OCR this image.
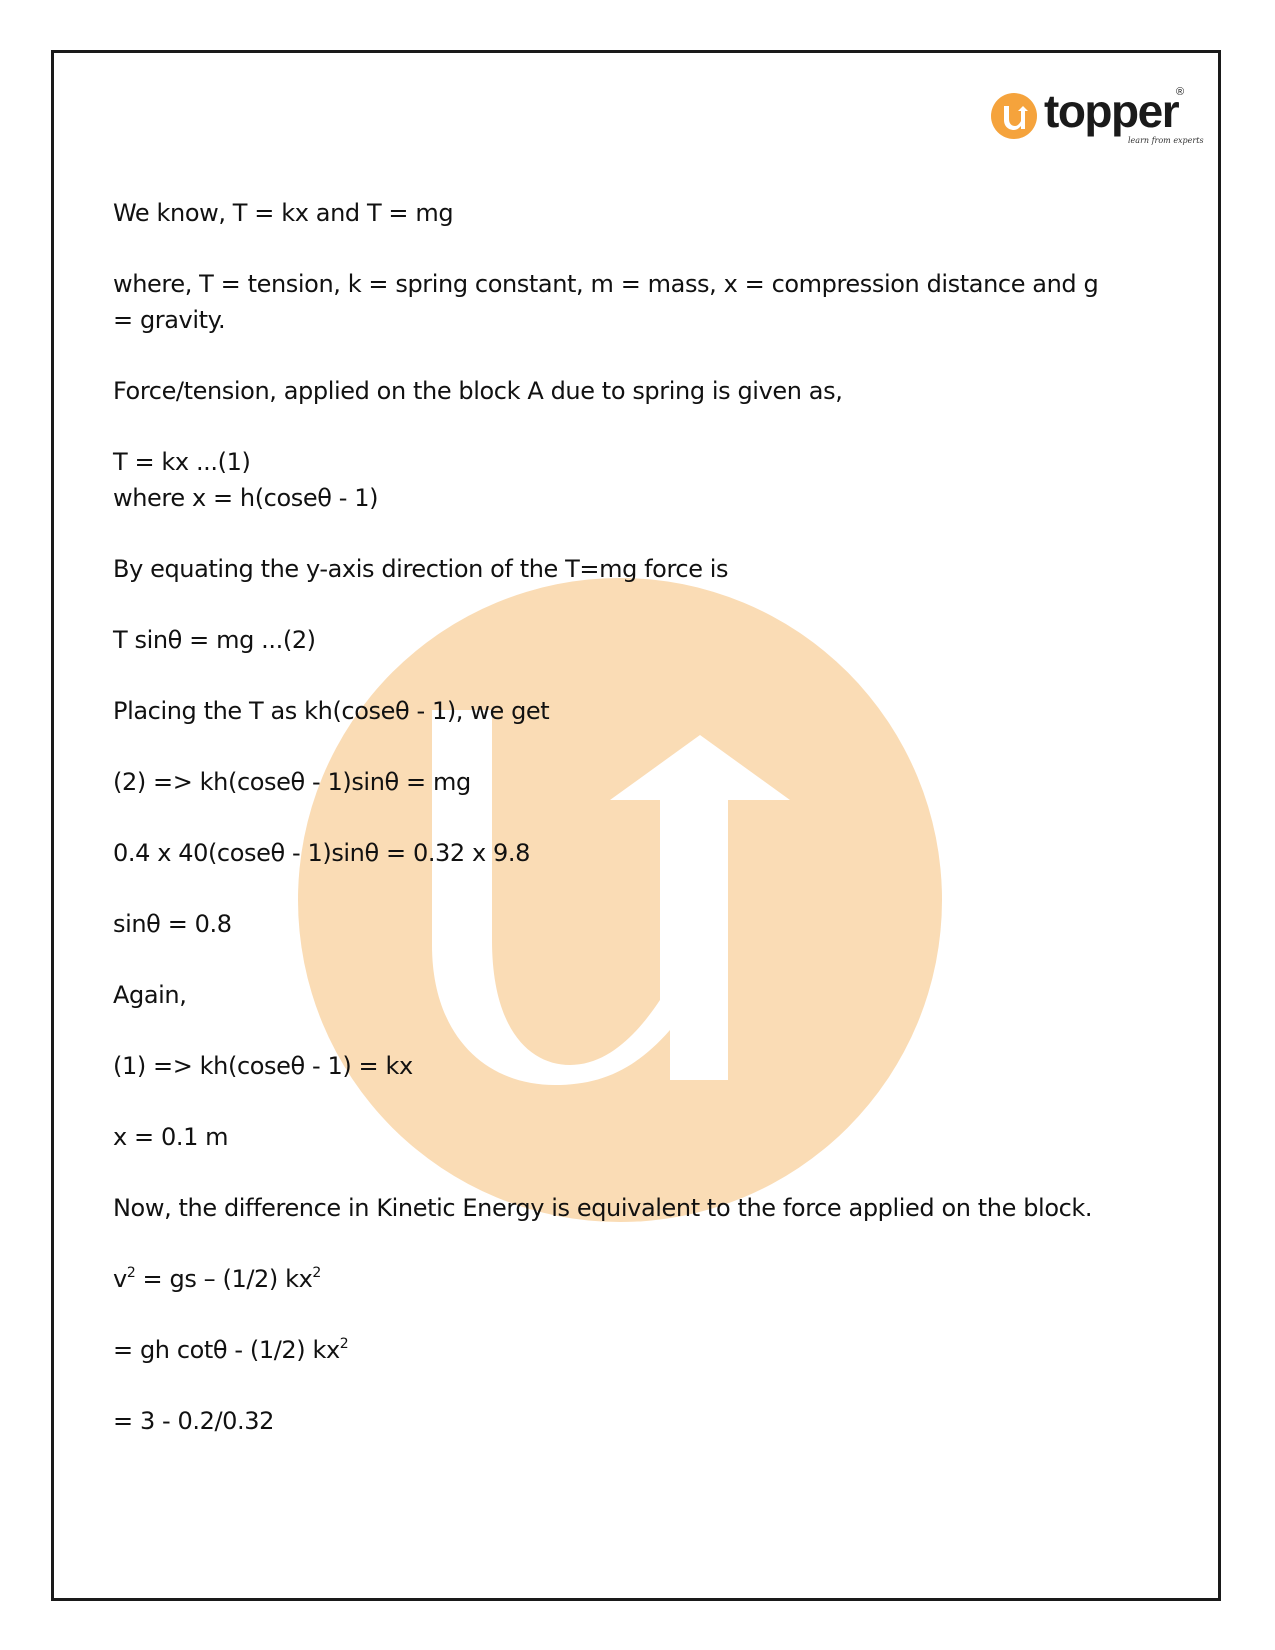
topper
®
learn from experts

We know, T = kx and T = mg

where, T = tension, k = spring constant, m = mass, x = compression distance and g = gravity.

Force/tension, applied on the block A due to spring is given as,

T = kx ...(1)
where x = h(coseθ - 1)

By equating the y-axis direction of the T=mg force is

T sinθ = mg ...(2)

Placing the T as kh(coseθ - 1), we get

(2) => kh(coseθ - 1)sinθ = mg

0.4 x 40(coseθ - 1)sinθ = 0.32 x 9.8

sinθ = 0.8

Again,

(1) => kh(coseθ - 1) = kx

x = 0.1 m

Now, the difference in Kinetic Energy is equivalent to the force applied on the block.

$v^2$ = gs – (1/2) $kx^2$

= gh cotθ - (1/2) $kx^2$

= 3 - 0.2/0.32
